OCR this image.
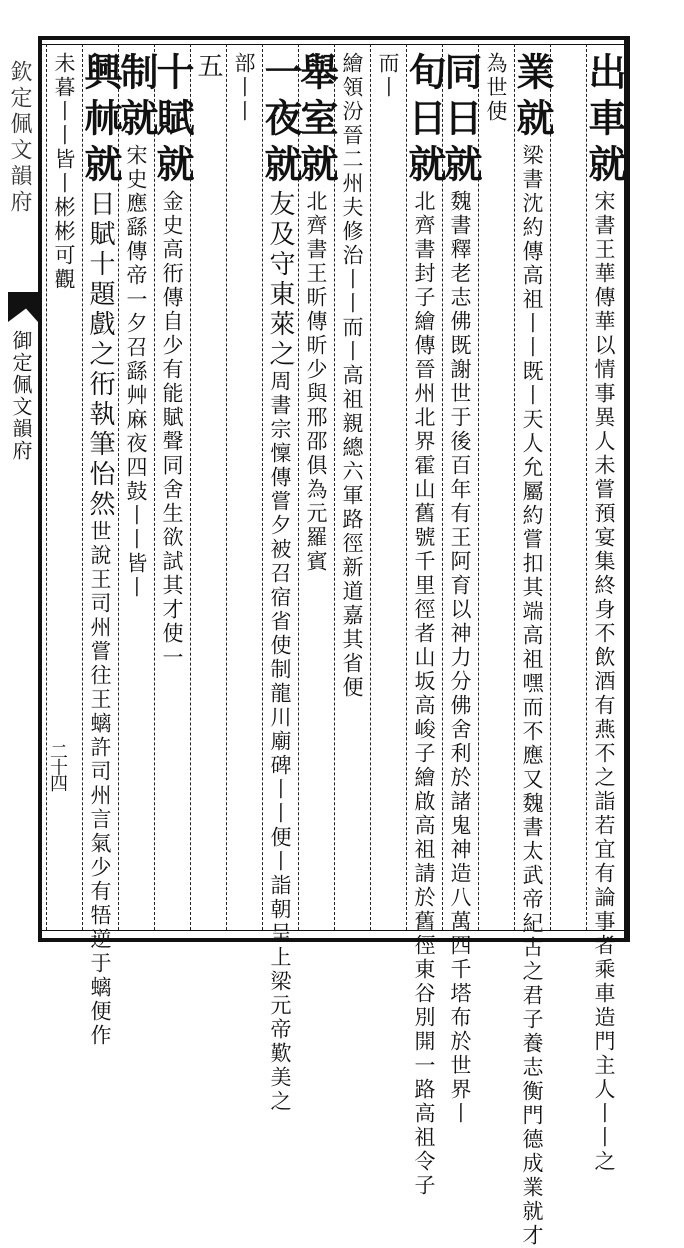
欽定佩文韻府
御定佩文韻府
二十四
出車就宋書王華傳華以情事異人未嘗預宴集終身不飲酒有燕不之詣若宜有論事者乘車造門主人丨丨之
業就梁書沈約傳高祖丨丨既丨天人允屬約嘗扣其端高祖嘿而不應又魏書太武帝紀古之君子養志衡門德成業就才
為世使
同日就魏書釋老志佛既謝世于後百年有王阿育以神力分佛舍利於諸鬼神造八萬四千塔布於世界丨
旬日就北齊書封子繪傳晉州北界霍山舊號千里徑者山坂高峻子繪啟高祖請於舊徑東谷別開一路高祖令子
而丨
繪領汾晉二州夫修治丨丨而丨高祖親總六軍路徑新道嘉其省便
舉室就北齊書王昕傳昕少與邢邵俱為元羅賓
一夜就友及守東萊之周書宗懍傳嘗夕被召宿省使制龍川廟碑丨丨便丨詣朝呈上梁元帝歎美之
部丨丨
五
十賦就金史高衎傳自少有能賦聲同舍生欲試其才使一
制就宋史應繇傳帝一夕召繇艸麻夜四鼓丨丨皆丨
興𣏟就日賦十題戲之衎執筆怡然世說王司州嘗往王螭許司州言氣少有牾逆于螭便作
未暮丨丨皆丨彬彬可觀
